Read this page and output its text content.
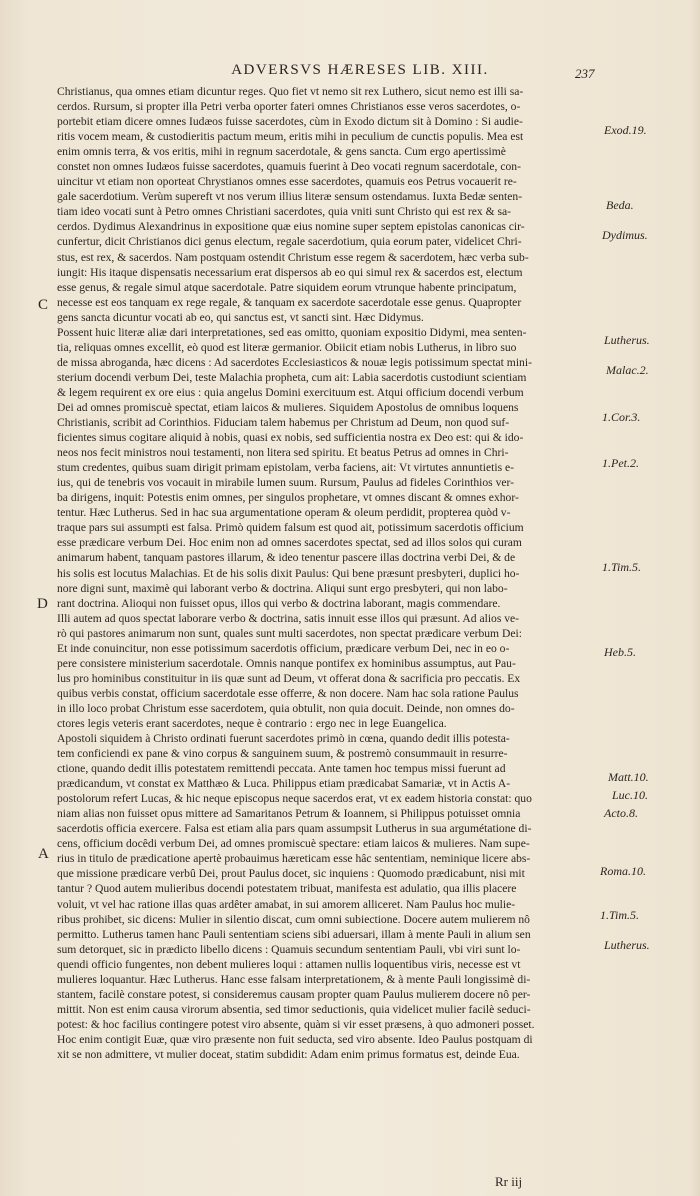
ADVERSVS HÆRESES LIB. XIII.	237
Christianus, qua omnes etiam dicuntur reges. Quo fiet vt nemo sit rex Luthero, sicut nemo est illi sa-
cerdos. Rursum, si propter illa Petri verba oporter fateri omnes Christianos esse veros sacerdotes, o-
portebit etiam dicere omnes Iudæos fuisse sacerdotes, cùm in Exodo dictum sit à Domino : Si audie-
ritis vocem meam, & custodieritis pactum meum, eritis mihi in peculium de cunctis populis. Mea est
enim omnis terra, & vos eritis, mihi in regnum sacerdotale, & gens sancta. Cum ergo apertissimè
constet non omnes Iudæos fuisse sacerdotes, quamuis fuerint à Deo vocati regnum sacerdotale, con-
uincitur vt etiam non oporteat Chrystianos omnes esse sacerdotes, quamuis eos Petrus vocauerit re-
gale sacerdotium. Verùm supereft vt nos verum illius literæ sensum ostendamus. Iuxta Bedæ senten-
tiam ideo vocati sunt à Petro omnes Christiani sacerdotes, quia vniti sunt Christo qui est rex & sa-
cerdos. Dydimus Alexandrinus in expositione quæ eius nomine super septem epistolas canonicas cir-
cunfertur, dicit Christianos dici genus electum, regale sacerdotium, quia eorum pater, videlicet Chri-
stus, est rex, & sacerdos. Nam postquam ostendit Christum esse regem & sacerdotem, hæc verba sub-
iungit: His itaque dispensatis necessarium erat dispersos ab eo qui simul rex & sacerdos est, electum
esse genus, & regale simul atque sacerdotale. Patre siquidem eorum vtrunque habente principatum,
necesse est eos tanquam ex rege regale, & tanquam ex sacerdote sacerdotale esse genus. Quapropter
gens sancta dicuntur vocati ab eo, qui sanctus est, vt sancti sint. Hæc Didymus.
Possent huic literæ aliæ dari interpretationes, sed eas omitto, quoniam expositio Didymi, mea senten-
tia, reliquas omnes excellit, eò quod est literæ germanior. Obiicit etiam nobis Lutherus, in libro suo
de missa abroganda, hæc dicens : Ad sacerdotes Ecclesiasticos & nouæ legis potissimum spectat mini-
sterium docendi verbum Dei, teste Malachia propheta, cum ait: Labia sacerdotis custodiunt scientiam
& legem requirent ex ore eius : quia angelus Domini exercituum est. Atqui officium docendi verbum
Dei ad omnes promiscuè spectat, etiam laicos & mulieres. Siquidem Apostolus de omnibus loquens
Christianis, scribit ad Corinthios. Fiduciam talem habemus per Christum ad Deum, non quod suf-
ficientes simus cogitare aliquid à nobis, quasi ex nobis, sed sufficientia nostra ex Deo est: qui & ido-
neos nos fecit ministros noui testamenti, non litera sed spiritu. Et beatus Petrus ad omnes in Chri-
stum credentes, quibus suam dirigit primam epistolam, verba faciens, ait: Vt virtutes annuntietis e-
ius, qui de tenebris vos vocauit in mirabile lumen suum. Rursum, Paulus ad fideles Corinthios ver-
ba dirigens, inquit: Potestis enim omnes, per singulos prophetare, vt omnes discant & omnes exhor-
tentur. Hæc Lutherus. Sed in hac sua argumentatione operam & oleum perdidit, propterea quòd v-
traque pars sui assumpti est falsa. Primò quidem falsum est quod ait, potissimum sacerdotis officium
esse prædicare verbum Dei. Hoc enim non ad omnes sacerdotes spectat, sed ad illos solos qui curam
animarum habent, tanquam pastores illarum, & ideo tenentur pascere illas doctrina verbi Dei, & de
his solis est locutus Malachias. Et de his solis dixit Paulus: Qui bene præsunt presbyteri, duplici ho-
nore digni sunt, maximè qui laborant verbo & doctrina. Aliqui sunt ergo presbyteri, qui non labo-
rant doctrina. Alioqui non fuisset opus, illos qui verbo & doctrina laborant, magis commendare.
Illi autem ad quos spectat laborare verbo & doctrina, satis innuit esse illos qui præsunt. Ad alios ve-
rò qui pastores animarum non sunt, quales sunt multi sacerdotes, non spectat prædicare verbum Dei:
Et inde conuincitur, non esse potissimum sacerdotis officium, prædicare verbum Dei, nec in eo o-
pere consistere ministerium sacerdotale. Omnis nanque pontifex ex hominibus assumptus, aut Pau-
lus pro hominibus constituitur in iis quæ sunt ad Deum, vt offerat dona & sacrificia pro peccatis. Ex
quibus verbis constat, officium sacerdotale esse offerre, & non docere. Nam hac sola ratione Paulus
in illo loco probat Christum esse sacerdotem, quia obtulit, non quia docuit. Deinde, non omnes do-
ctores legis veteris erant sacerdotes, neque è contrario : ergo nec in lege Euangelica.
Apostoli siquidem à Christo ordinati fuerunt sacerdotes primò in cœna, quando dedit illis potesta-
tem conficiendi ex pane & vino corpus & sanguinem suum, & postremò consummauit in resurre-
ctione, quando dedit illis potestatem remittendi peccata. Ante tamen hoc tempus missi fuerunt ad
prædicandum, vt constat ex Matthæo & Luca. Philippus etiam prædicabat Samariæ, vt in Actis A-
postolorum refert Lucas, & hic neque episcopus neque sacerdos erat, vt ex eadem historia constat: quo
niam alias non fuisset opus mittere ad Samaritanos Petrum & Ioannem, si Philippus potuisset omnia
sacerdotis officia exercere. Falsa est etiam alia pars quam assumpsit Lutherus in sua argumétatione di-
cens, officium docêdi verbum Dei, ad omnes promiscuè spectare: etiam laicos & mulieres. Nam supe-
rius in titulo de prædicatione apertè probauimus hæreticam esse hâc sententiam, neminique licere abs-
que missione prædicare verbû Dei, prout Paulus docet, sic inquiens : Quomodo prædicabunt, nisi mit
tantur ? Quod autem mulieribus docendi potestatem tribuat, manifesta est adulatio, qua illis placere
voluit, vt vel hac ratione illas quas ardêter amabat, in sui amorem alliceret. Nam Paulus hoc mulie-
ribus prohibet, sic dicens: Mulier in silentio discat, cum omni subiectione. Docere autem mulierem nô
permitto. Lutherus tamen hanc Pauli sententiam sciens sibi aduersari, illam à mente Pauli in alium sen
sum detorquet, sic in prædicto libello dicens : Quamuis secundum sententiam Pauli, vbi viri sunt lo-
quendi officio fungentes, non debent mulieres loqui : attamen nullis loquentibus viris, necesse est vt
mulieres loquantur. Hæc Lutherus. Hanc esse falsam interpretationem, & à mente Pauli longissimè di-
stantem, facilè constare potest, si consideremus causam propter quam Paulus mulierem docere nô per-
mittit. Non est enim causa virorum absentia, sed timor seductionis, quia videlicet mulier facilè seduci-
potest: & hoc facilius contingere potest viro absente, quàm si vir esset præsens, à quo admoneri posset.
Hoc enim contigit Euæ, quæ viro præsente non fuit seducta, sed viro absente. Ideo Paulus postquam di
xit se non admittere, vt mulier doceat, statim subdidit: Adam enim primus formatus est, deinde Eua.
Exod.19.
Beda.
Dydimus.
Lutherus.
Malac.2.
1.Cor.3.
1.Pet.2.
1.Tim.5.
Heb.5.
Matt.10.
Luc.10.
Acto.8.
Roma.10.
1.Tim.5.
Lutherus.
C
D
A
Rr iij
